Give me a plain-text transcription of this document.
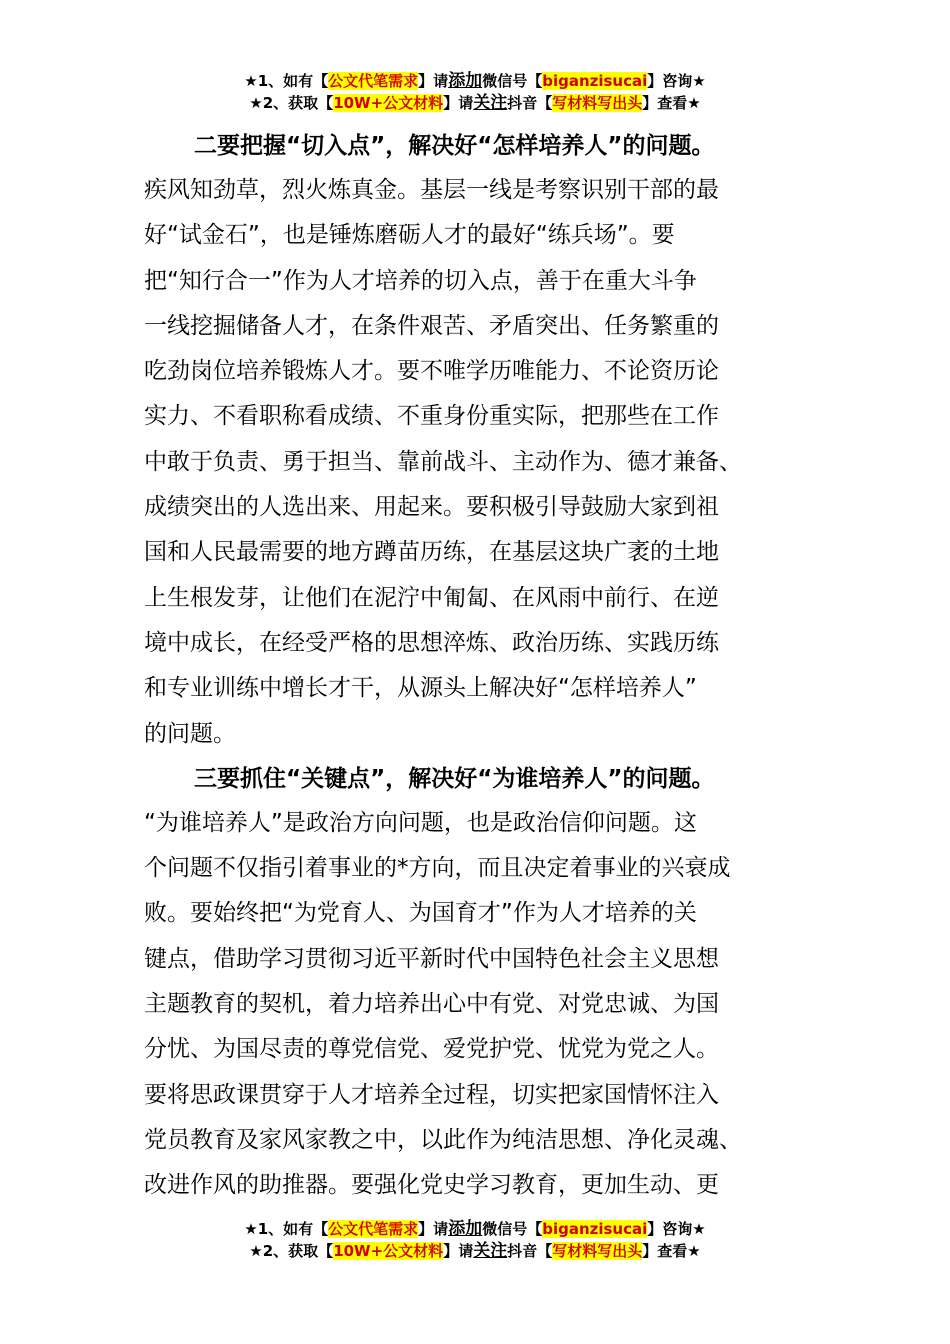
★1、如有【公文代笔需求】请添加微信号【biganzisucai】咨询★
★2、获取【10W+公文材料】请关注抖音【写材料写出头】查看★
二要把握“切入点”，解决好“怎样培养人”的问题。
疾风知劲草，烈火炼真金。基层一线是考察识别干部的最
好“试金石”，也是锤炼磨砺人才的最好“练兵场”。要
把“知行合一”作为人才培养的切入点，善于在重大斗争
一线挖掘储备人才，在条件艰苦、矛盾突出、任务繁重的
吃劲岗位培养锻炼人才。要不唯学历唯能力、不论资历论
实力、不看职称看成绩、不重身份重实际，把那些在工作
中敢于负责、勇于担当、靠前战斗、主动作为、德才兼备、
成绩突出的人选出来、用起来。要积极引导鼓励大家到祖
国和人民最需要的地方蹲苗历练，在基层这块广袤的土地
上生根发芽，让他们在泥泞中匍匐、在风雨中前行、在逆
境中成长，在经受严格的思想淬炼、政治历练、实践历练
和专业训练中增长才干，从源头上解决好“怎样培养人”
的问题。
三要抓住“关键点”，解决好“为谁培养人”的问题。
“为谁培养人”是政治方向问题，也是政治信仰问题。这
个问题不仅指引着事业的*方向，而且决定着事业的兴衰成
败。要始终把“为党育人、为国育才”作为人才培养的关
键点，借助学习贯彻习近平新时代中国特色社会主义思想
主题教育的契机，着力培养出心中有党、对党忠诚、为国
分忧、为国尽责的尊党信党、爱党护党、忧党为党之人。
要将思政课贯穿于人才培养全过程，切实把家国情怀注入
党员教育及家风家教之中，以此作为纯洁思想、净化灵魂、
改进作风的助推器。要强化党史学习教育，更加生动、更
★1、如有【公文代笔需求】请添加微信号【biganzisucai】咨询★
★2、获取【10W+公文材料】请关注抖音【写材料写出头】查看★
